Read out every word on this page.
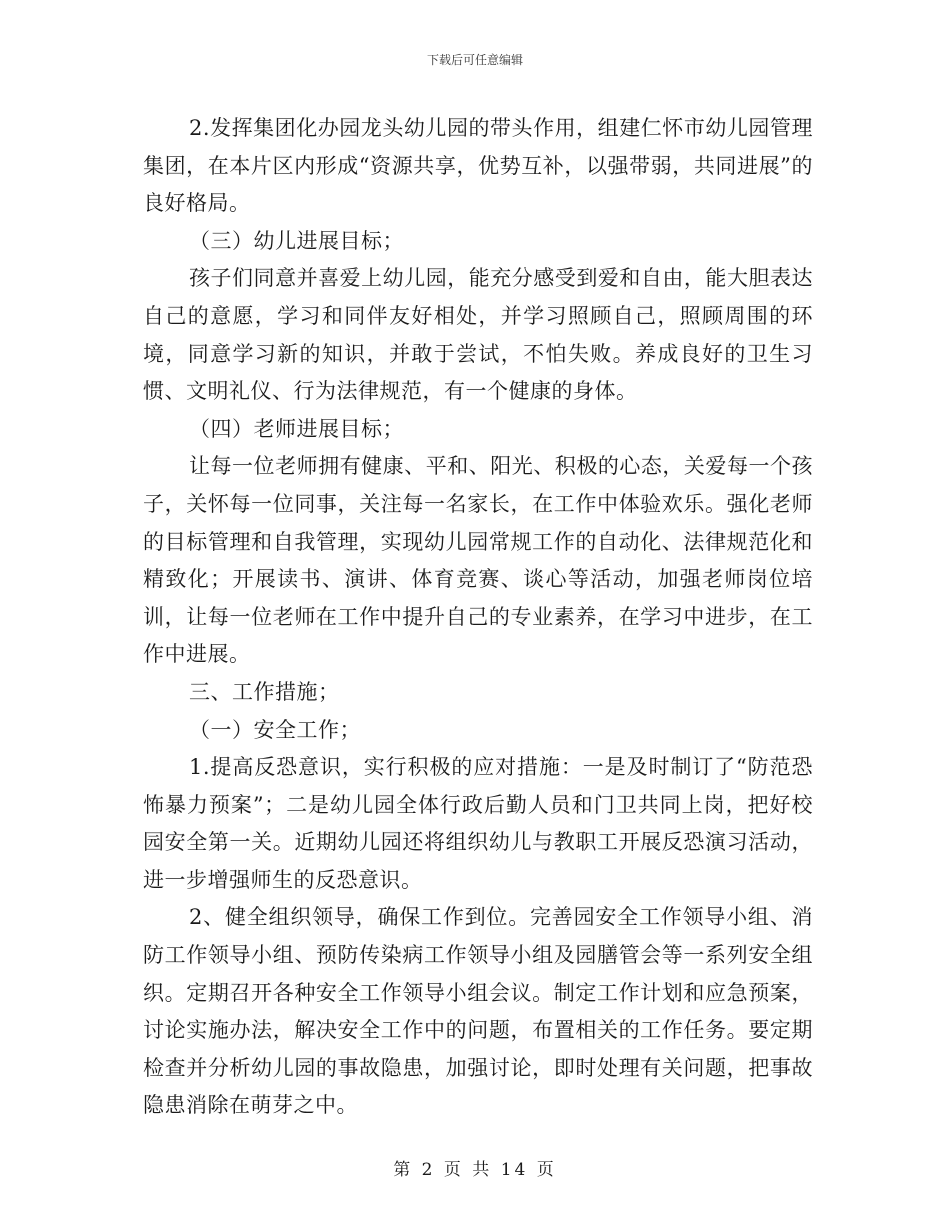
下载后可任意编辑

2.发挥集团化办园龙头幼儿园的带头作用，组建仁怀市幼儿园管理集团，在本片区内形成“资源共享，优势互补，以强带弱，共同进展”的良好格局。

（三）幼儿进展目标；

孩子们同意并喜爱上幼儿园，能充分感受到爱和自由，能大胆表达自己的意愿，学习和同伴友好相处，并学习照顾自己，照顾周围的环境，同意学习新的知识，并敢于尝试，不怕失败。养成良好的卫生习惯、文明礼仪、行为法律规范，有一个健康的身体。

（四）老师进展目标；

让每一位老师拥有健康、平和、阳光、积极的心态，关爱每一个孩子，关怀每一位同事，关注每一名家长，在工作中体验欢乐。强化老师的目标管理和自我管理，实现幼儿园常规工作的自动化、法律规范化和精致化；开展读书、演讲、体育竞赛、谈心等活动，加强老师岗位培训，让每一位老师在工作中提升自己的专业素养，在学习中进步，在工作中进展。

三、工作措施；

（一）安全工作；

1.提高反恐意识，实行积极的应对措施：一是及时制订了“防范恐怖暴力预案”；二是幼儿园全体行政后勤人员和门卫共同上岗，把好校园安全第一关。近期幼儿园还将组织幼儿与教职工开展反恐演习活动，进一步增强师生的反恐意识。

2、健全组织领导，确保工作到位。完善园安全工作领导小组、消防工作领导小组、预防传染病工作领导小组及园膳管会等一系列安全组织。定期召开各种安全工作领导小组会议。制定工作计划和应急预案，讨论实施办法，解决安全工作中的问题，布置相关的工作任务。要定期检查并分析幼儿园的事故隐患，加强讨论，即时处理有关问题，把事故隐患消除在萌芽之中。

第 2 页 共 14 页
